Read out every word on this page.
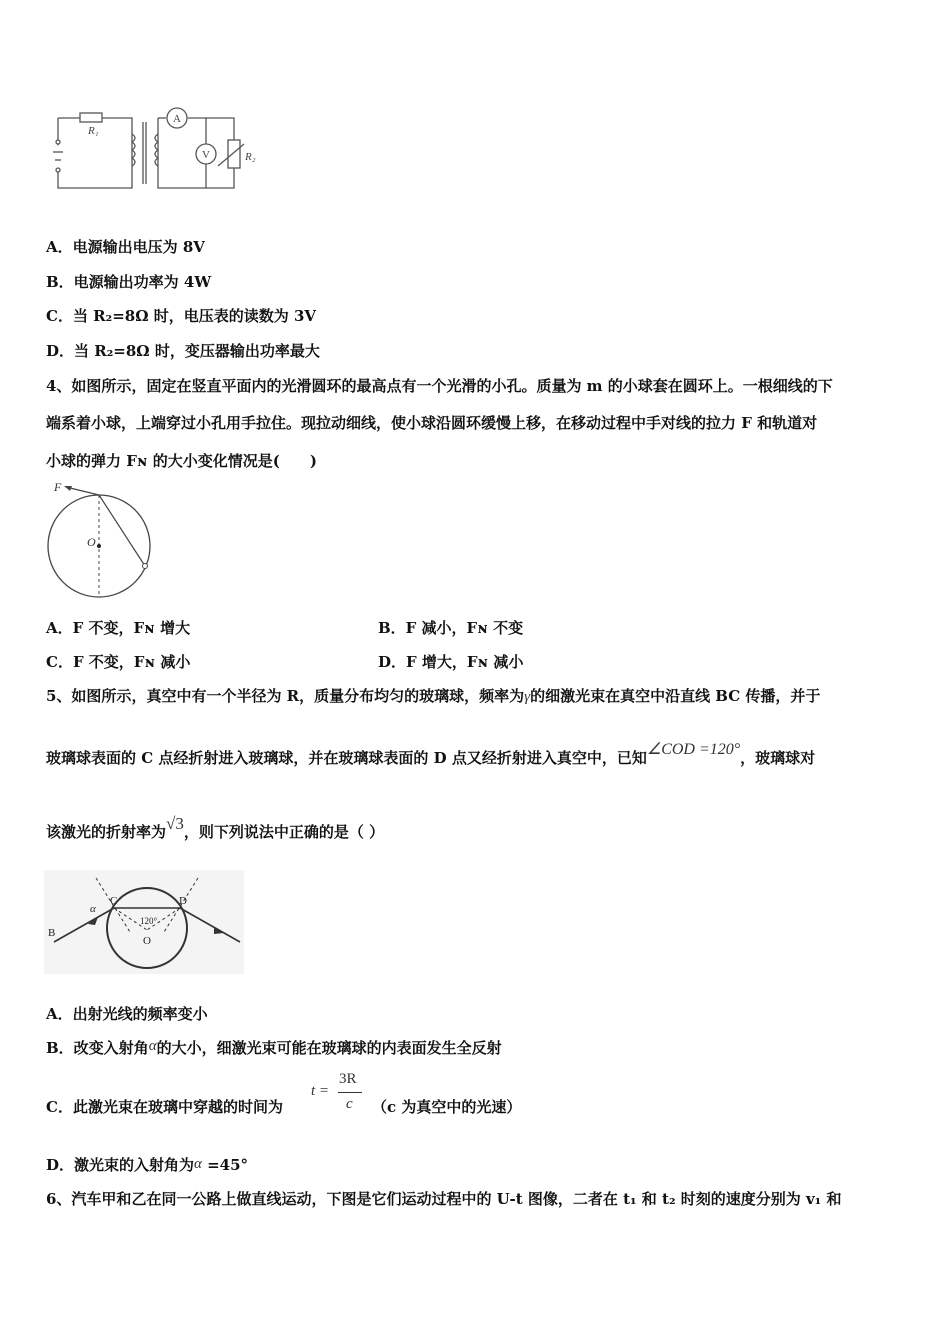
R₁
A
V	R₂
A．电源输出电压为 8V
B．电源输出功率为 4W
C．当 R₂=8Ω 时，电压表的读数为 3V
D．当 R₂=8Ω 时，变压器输出功率最大
4、如图所示，固定在竖直平面内的光滑圆环的最高点有一个光滑的小孔。质量为 m 的小球套在圆环上。一根细线的下
端系着小球，上端穿过小孔用手拉住。现拉动细线，使小球沿圆环缓慢上移，在移动过程中手对线的拉力 F 和轨道对
小球的弹力 Fɴ 的大小变化情况是(　　)
F
O
A．F 不变，Fɴ 增大	B．F 减小，Fɴ 不变
C．F 不变，Fɴ 减小	D．F 增大，Fɴ 减小
5、如图所示，真空中有一个半径为 R，质量分布均匀的玻璃球，频率为γ的细激光束在真空中沿直线 BC 传播，并于
玻璃球表面的 C 点经折射进入玻璃球，并在玻璃球表面的 D 点又经折射进入真空中，已知∠COD =120°，玻璃球对
该激光的折射率为√3，则下列说法中正确的是（ ）
B
C	D
O
α
120°
A．出射光线的频率变小
B．改变入射角α的大小，细激光束可能在玻璃球的内表面发生全反射
C．此激光束在玻璃中穿越的时间为
t =
3R
c （c 为真空中的光速）
D．激光束的入射角为α =45°
6、汽车甲和乙在同一公路上做直线运动，下图是它们运动过程中的 U-t 图像，二者在 t₁ 和 t₂ 时刻的速度分别为 v₁ 和
